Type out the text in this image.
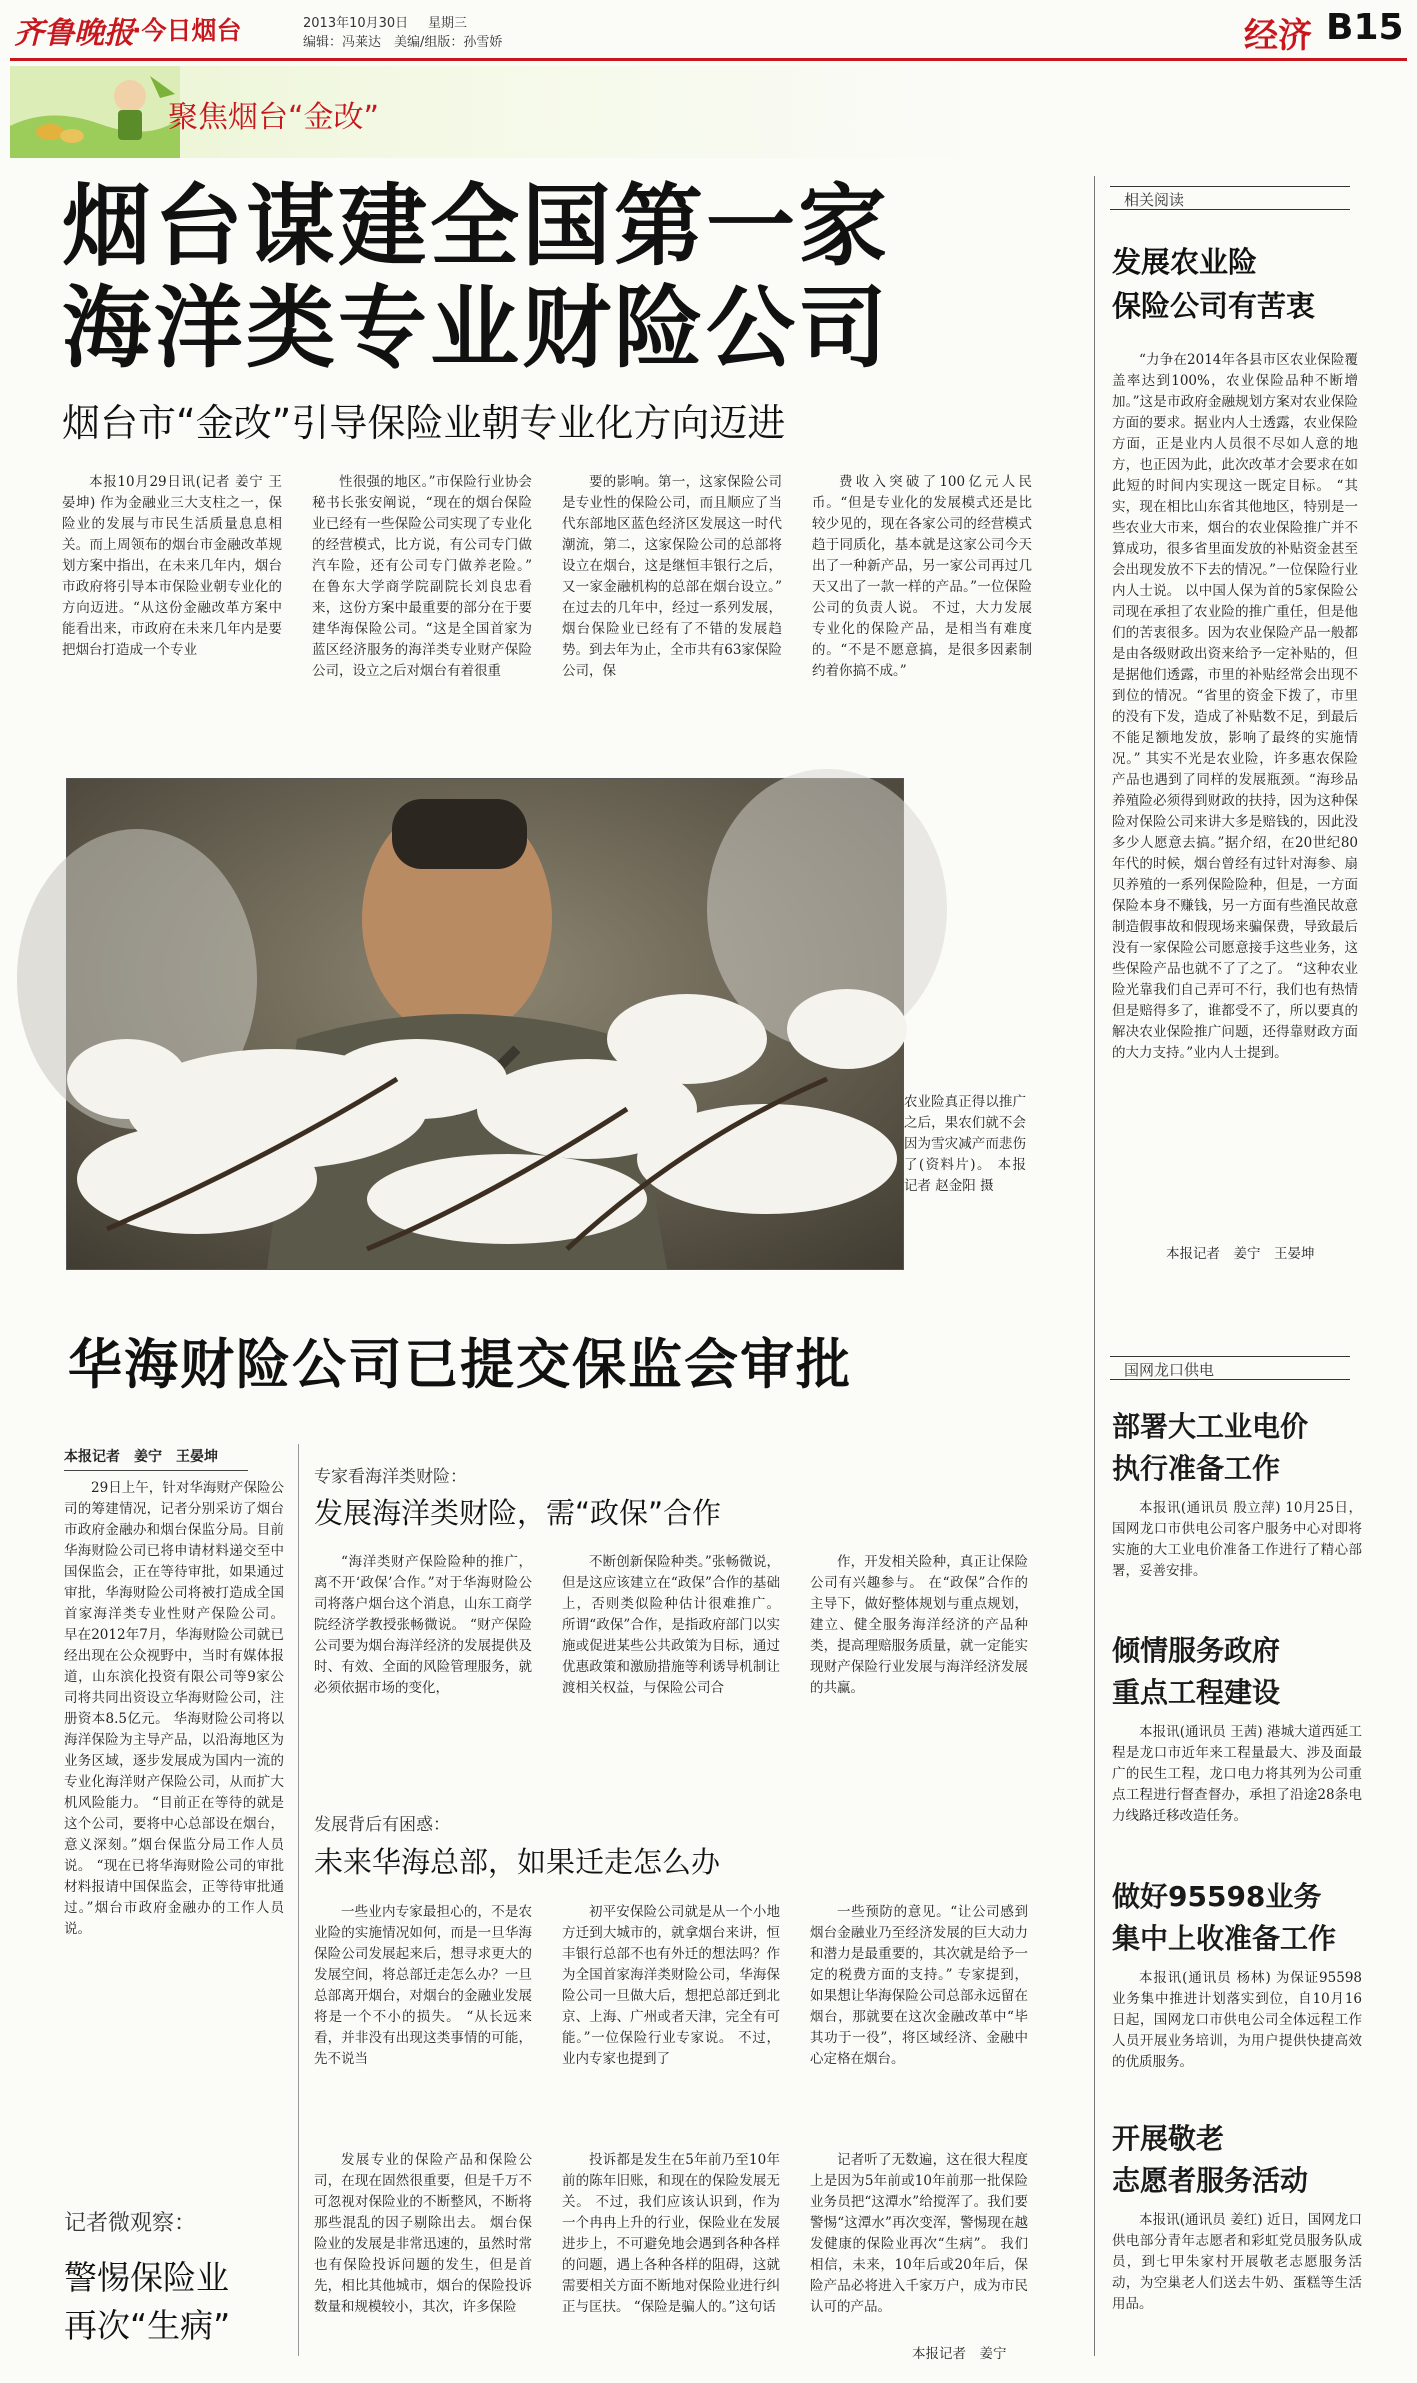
齐鲁晚报
·今日烟台	2013年10月30日 星期三
编辑：冯莱达　美编/组版：孙雪娇	经济 B15
聚焦烟台“金改”
烟台谋建全国第一家
海洋类专业财险公司
烟台市“金改”引导保险业朝专业化方向迈进

本报10月29日讯(记者 姜宁 王晏坤) 作为金融业三大支柱之一，保险业的发展与市民生活质量息息相关。而上周领布的烟台市金融改革规划方案中指出，在未来几年内，烟台市政府将引导本市保险业朝专业化的方向迈进。“从这份金融改革方案中能看出来，市政府在未来几年内是要把烟台打造成一个专业

性很强的地区。”市保险行业协会秘书长张安阐说，“现在的烟台保险业已经有一些保险公司实现了专业化的经营模式，比方说，有公司专门做汽车险，还有公司专门做养老险。” 在鲁东大学商学院副院长刘良忠看来，这份方案中最重要的部分在于要建华海保险公司。“这是全国首家为蓝区经济服务的海洋类专业财产保险公司，设立之后对烟台有着很重

要的影响。第一，这家保险公司是专业性的保险公司，而且顺应了当代东部地区蓝色经济区发展这一时代潮流，第二，这家保险公司的总部将设立在烟台，这是继恒丰银行之后，又一家金融机构的总部在烟台设立。” 在过去的几年中，经过一系列发展，烟台保险业已经有了不错的发展趋势。到去年为止，全市共有63家保险公司，保

费收入突破了100亿元人民币。“但是专业化的发展模式还是比较少见的，现在各家公司的经营模式趋于同质化，基本就是这家公司今天出了一种新产品，另一家公司再过几天又出了一款一样的产品。”一位保险公司的负责人说。 不过，大力发展专业化的保险产品，是相当有难度的。“不是不愿意搞，是很多因素制约着你搞不成。”

农业险真正得以推广之后，果农们就不会因为雪灾减产而悲伤了(资料片)。 本报记者 赵金阳 摄
华海财险公司已提交保监会审批
本报记者　姜宁　王晏坤

29日上午，针对华海财产保险公司的筹建情况，记者分别采访了烟台市政府金融办和烟台保监分局。目前华海财险公司已将申请材料递交至中国保监会，正在等待审批，如果通过审批，华海财险公司将被打造成全国首家海洋类专业性财产保险公司。 早在2012年7月，华海财险公司就已经出现在公众视野中，当时有媒体报道，山东滨化投资有限公司等9家公司将共同出资设立华海财险公司，注册资本8.5亿元。 华海财险公司将以海洋保险为主导产品，以沿海地区为业务区域，逐步发展成为国内一流的专业化海洋财产保险公司，从而扩大机风险能力。 “目前正在等待的就是这个公司，要将中心总部设在烟台，意义深刻。”烟台保监分局工作人员说。 “现在已将华海财险公司的审批材料报请中国保监会，正等待审批通过。”烟台市政府金融办的工作人员说。

专家看海洋类财险：
发展海洋类财险，需“政保”合作

“海洋类财产保险险种的推广，离不开‘政保’合作。”对于华海财险公司将落户烟台这个消息，山东工商学院经济学教授张畅微说。 “财产保险公司要为烟台海洋经济的发展提供及时、有效、全面的风险管理服务，就必须依据市场的变化，

不断创新保险种类。”张畅微说，但是这应该建立在“政保”合作的基础上，否则类似险种估计很难推广。 所谓“政保”合作，是指政府部门以实施或促进某些公共政策为目标，通过优惠政策和激励措施等利诱导机制让渡相关权益，与保险公司合

作，开发相关险种，真正让保险公司有兴趣参与。 在“政保”合作的主导下，做好整体规划与重点规划，建立、健全服务海洋经济的产品种类，提高理赔服务质量，就一定能实现财产保险行业发展与海洋经济发展的共赢。

发展背后有困惑：
未来华海总部，如果迁走怎么办

一些业内专家最担心的，不是农业险的实施情况如何，而是一旦华海保险公司发展起来后，想寻求更大的发展空间，将总部迁走怎么办？一旦总部离开烟台，对烟台的金融业发展将是一个不小的损失。 “从长远来看，并非没有出现这类事情的可能，先不说当

初平安保险公司就是从一个小地方迁到大城市的，就拿烟台来讲，恒丰银行总部不也有外迁的想法吗？作为全国首家海洋类财险公司，华海保险公司一旦做大后，想把总部迁到北京、上海、广州或者天津，完全有可能。”一位保险行业专家说。 不过，业内专家也提到了

一些预防的意见。“让公司感到烟台金融业乃至经济发展的巨大动力和潜力是最重要的，其次就是给予一定的税费方面的支持。” 专家提到，如果想让华海保险公司总部永远留在烟台，那就要在这次金融改革中“毕其功于一役”，将区域经济、金融中心定格在烟台。

记者微观察：
警惕保险业
再次“生病”

发展专业的保险产品和保险公司，在现在固然很重要，但是千万不可忽视对保险业的不断整风，不断将那些混乱的因子剔除出去。 烟台保险业的发展是非常迅速的，虽然时常也有保险投诉问题的发生，但是首先，相比其他城市，烟台的保险投诉数量和规模较小，其次，许多保险

投诉都是发生在5年前乃至10年前的陈年旧账，和现在的保险发展无关。 不过，我们应该认识到，作为一个冉冉上升的行业，保险业在发展进步上，不可避免地会遇到各种各样的问题，遇上各种各样的阻碍，这就需要相关方面不断地对保险业进行纠正与匡扶。 “保险是骗人的。”这句话

记者听了无数遍，这在很大程度上是因为5年前或10年前那一批保险业务员把“这潭水”给搅浑了。我们要警惕“这潭水”再次变浑，警惕现在越发健康的保险业再次“生病”。 我们相信，未来，10年后或20年后，保险产品必将进入千家万户，成为市民认可的产品。

本报记者　姜宁
相关阅读
发展农业险
保险公司有苦衷

“力争在2014年各县市区农业保险覆盖率达到100%，农业保险品种不断增加。”这是市政府金融规划方案对农业保险方面的要求。据业内人士透露，农业保险方面，正是业内人员很不尽如人意的地方，也正因为此，此次改革才会要求在如此短的时间内实现这一既定目标。 “其实，现在相比山东省其他地区，特别是一些农业大市来，烟台的农业保险推广并不算成功，很多省里面发放的补贴资金甚至会出现发放不下去的情况。”一位保险行业内人士说。 以中国人保为首的5家保险公司现在承担了农业险的推广重任，但是他们的苦衷很多。因为农业保险产品一般都是由各级财政出资来给予一定补贴的，但是据他们透露，市里的补贴经常会出现不到位的情况。“省里的资金下拨了，市里的没有下发，造成了补贴数不足，到最后不能足额地发放，影响了最终的实施情况。” 其实不光是农业险，许多惠农保险产品也遇到了同样的发展瓶颈。“海珍品养殖险必须得到财政的扶持，因为这种保险对保险公司来讲大多是赔钱的，因此没多少人愿意去搞。”据介绍，在20世纪80年代的时候，烟台曾经有过针对海参、扇贝养殖的一系列保险险种，但是，一方面保险本身不赚钱，另一方面有些渔民故意制造假事故和假现场来骗保费，导致最后没有一家保险公司愿意接手这些业务，这些保险产品也就不了了之了。 “这种农业险光靠我们自己弄可不行，我们也有热情但是赔得多了，谁都受不了，所以要真的解决农业保险推广问题，还得靠财政方面的大力支持。”业内人士提到。

本报记者　姜宁　王晏坤
国网龙口供电
部署大工业电价
执行准备工作

本报讯(通讯员 殷立萍) 10月25日，国网龙口市供电公司客户服务中心对即将实施的大工业电价准备工作进行了精心部署，妥善安排。

倾情服务政府
重点工程建设

本报讯(通讯员 王茜) 港城大道西延工程是龙口市近年来工程量最大、涉及面最广的民生工程，龙口电力将其列为公司重点工程进行督查督办，承担了沿途28条电力线路迁移改造任务。

做好95598业务
集中上收准备工作

本报讯(通讯员 杨林) 为保证95598业务集中推进计划落实到位，自10月16日起，国网龙口市供电公司全体远程工作人员开展业务培训，为用户提供快捷高效的优质服务。

开展敬老
志愿者服务活动

本报讯(通讯员 姜红) 近日，国网龙口供电部分青年志愿者和彩虹党员服务队成员，到七甲朱家村开展敬老志愿服务活动，为空巢老人们送去牛奶、蛋糕等生活用品。
